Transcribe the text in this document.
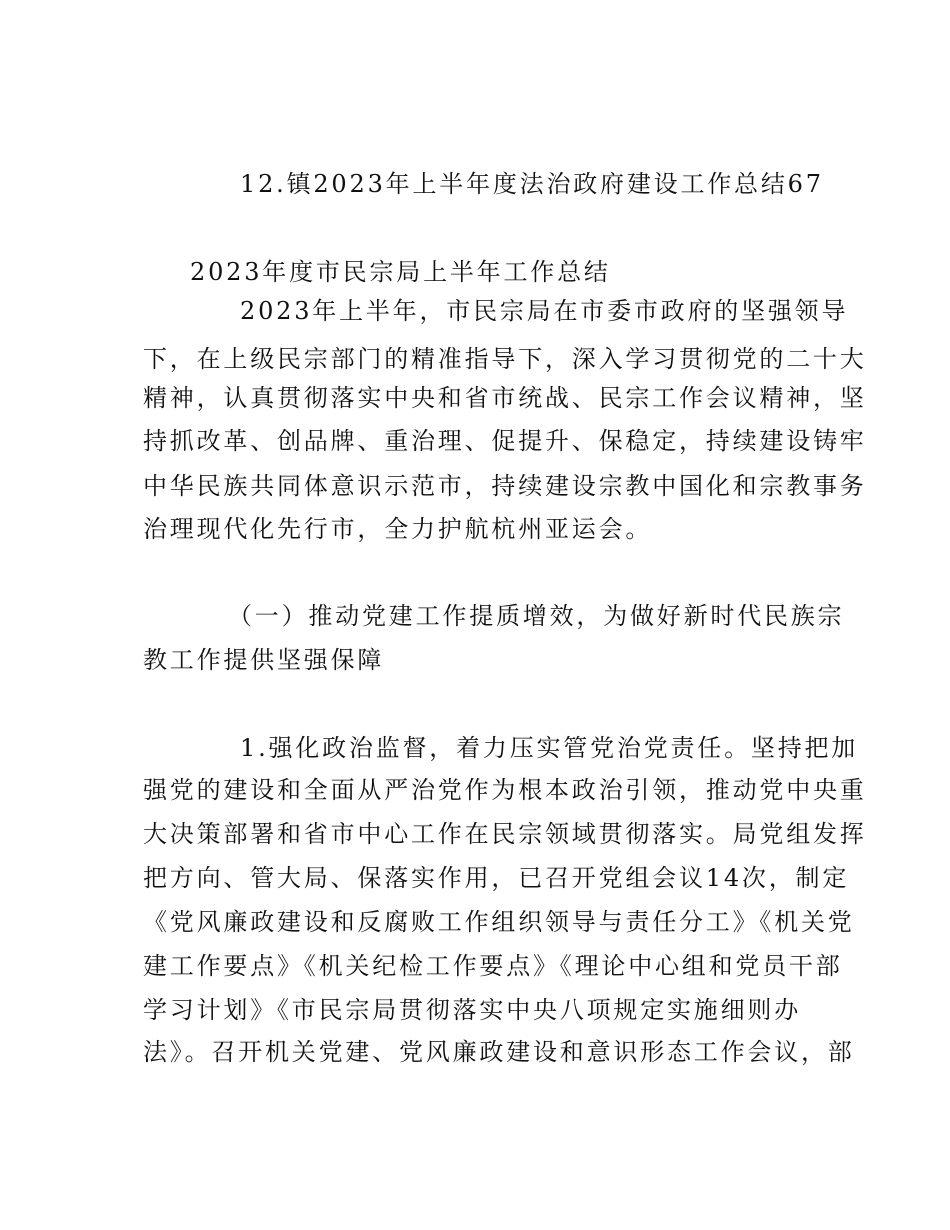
12.镇2023年上半年度法治政府建设工作总结67
2023年度市民宗局上半年工作总结
2023年上半年，市民宗局在市委市政府的坚强领导
下，在上级民宗部门的精准指导下，深入学习贯彻党的二十大
精神，认真贯彻落实中央和省市统战、民宗工作会议精神，坚
持抓改革、创品牌、重治理、促提升、保稳定，持续建设铸牢
中华民族共同体意识示范市，持续建设宗教中国化和宗教事务
治理现代化先行市，全力护航杭州亚运会。
（一）推动党建工作提质增效，为做好新时代民族宗
教工作提供坚强保障
1.强化政治监督，着力压实管党治党责任。坚持把加
强党的建设和全面从严治党作为根本政治引领，推动党中央重
大决策部署和省市中心工作在民宗领域贯彻落实。局党组发挥
把方向、管大局、保落实作用，已召开党组会议14次，制定
《党风廉政建设和反腐败工作组织领导与责任分工》《机关党
建工作要点》《机关纪检工作要点》《理论中心组和党员干部
学习计划》《市民宗局贯彻落实中央八项规定实施细则办
法》。召开机关党建、党风廉政建设和意识形态工作会议，部
